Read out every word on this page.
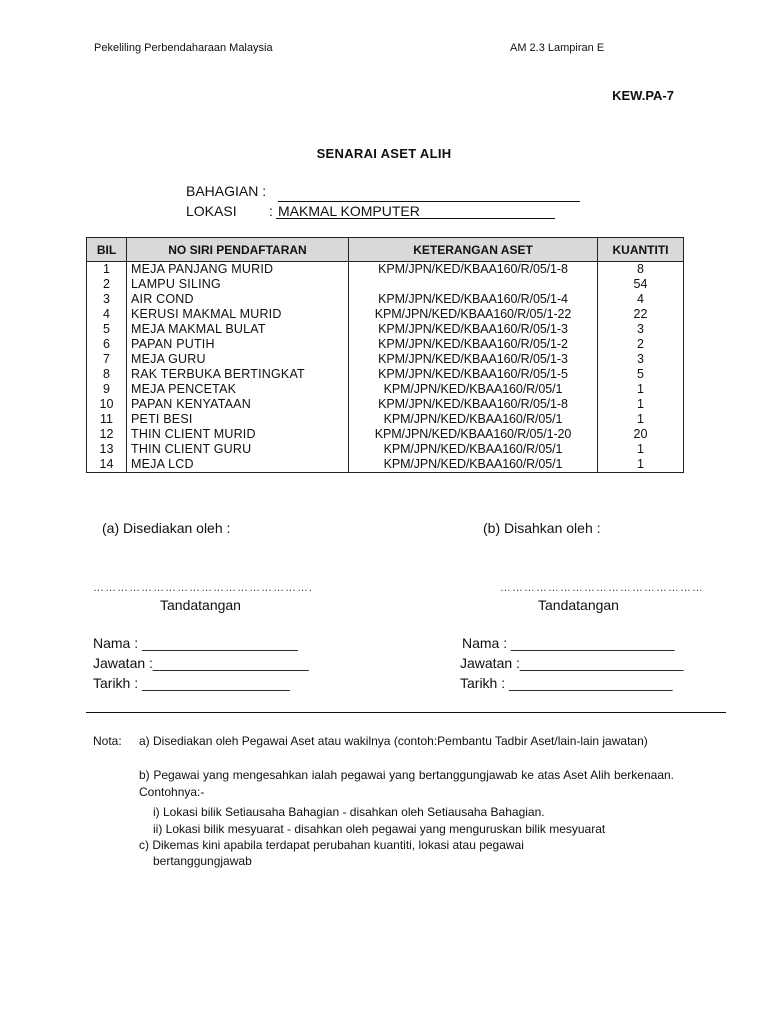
Pekeliling Perbendaharaan Malaysia	AM 2.3 Lampiran E
KEW.PA-7
SENARAI ASET ALIH
BAHAGIAN :
LOKASI : MAKMAL KOMPUTER
BIL	NO SIRI PENDAFTARAN	KETERANGAN ASET	KUANTITI
1	MEJA PANJANG MURID	KPM/JPN/KED/KBAA160/R/05/1-8	8
2	LAMPU SILING		54
3	AIR COND	KPM/JPN/KED/KBAA160/R/05/1-4	4
4	KERUSI MAKMAL MURID	KPM/JPN/KED/KBAA160/R/05/1-22	22
5	MEJA MAKMAL BULAT	KPM/JPN/KED/KBAA160/R/05/1-3	3
6	PAPAN PUTIH	KPM/JPN/KED/KBAA160/R/05/1-2	2
7	MEJA GURU	KPM/JPN/KED/KBAA160/R/05/1-3	3
8	RAK TERBUKA BERTINGKAT	KPM/JPN/KED/KBAA160/R/05/1-5	5
9	MEJA PENCETAK	KPM/JPN/KED/KBAA160/R/05/1	1
10	PAPAN KENYATAAN	KPM/JPN/KED/KBAA160/R/05/1-8	1
11	PETI BESI	KPM/JPN/KED/KBAA160/R/05/1	1
12	THIN CLIENT MURID	KPM/JPN/KED/KBAA160/R/05/1-20	20
13	THIN CLIENT GURU	KPM/JPN/KED/KBAA160/R/05/1	1
14	MEJA LCD	KPM/JPN/KED/KBAA160/R/05/1	1
(a) Disediakan oleh :	(b) Disahkan oleh :
……………………………………………….	……………………………………………
Tandatangan	Tandatangan
Nama : ____________________
Jawatan :____________________
Tarikh : ___________________
Nama : _____________________
Jawatan :_____________________
Tarikh : _____________________
Nota: a) Disediakan oleh Pegawai Aset atau wakilnya (contoh:Pembantu Tadbir Aset/lain-lain jawatan)
b) Pegawai yang mengesahkan ialah pegawai yang bertanggungjawab ke atas Aset Alih berkenaan. Contohnya:-
i) Lokasi bilik Setiausaha Bahagian - disahkan oleh Setiausaha Bahagian.
ii) Lokasi bilik mesyuarat - disahkan oleh pegawai yang menguruskan bilik mesyuarat
c) Dikemas kini apabila terdapat perubahan kuantiti, lokasi atau pegawai
bertanggungjawab
